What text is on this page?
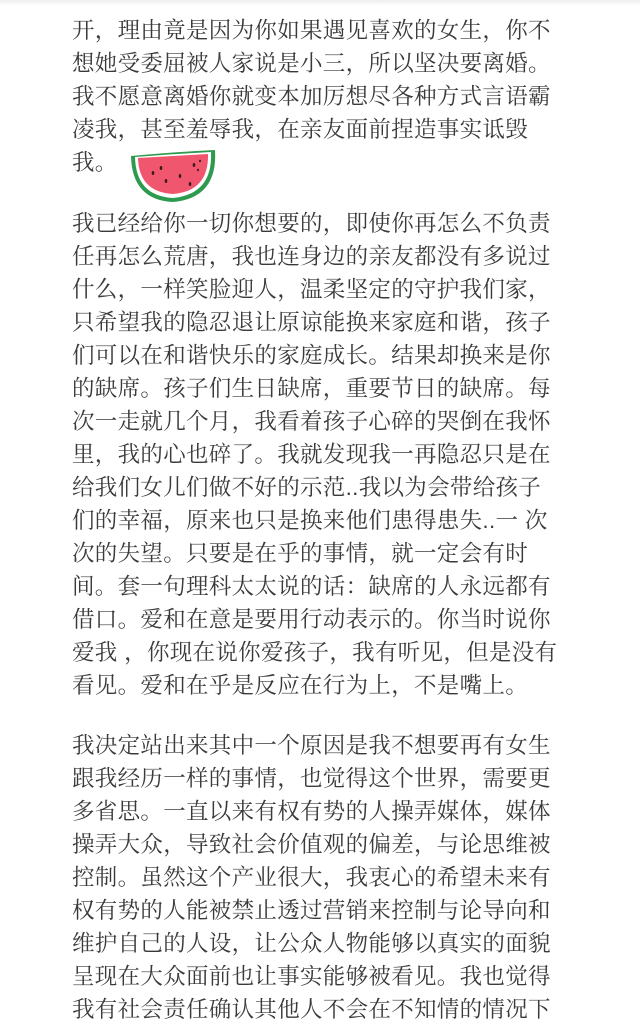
开，理由竟是因为你如果遇见喜欢的女生，你不
想她受委屈被人家说是小三，所以坚决要离婚。
我不愿意离婚你就变本加厉想尽各种方式言语霸
凌我，甚至羞辱我，在亲友面前捏造事实诋毁
我。
我已经给你一切你想要的，即使你再怎么不负责
任再怎么荒唐，我也连身边的亲友都没有多说过
什么，一样笑脸迎人，温柔坚定的守护我们家，
只希望我的隐忍退让原谅能换来家庭和谐，孩子
们可以在和谐快乐的家庭成长。结果却换来是你
的缺席。孩子们生日缺席，重要节日的缺席。每
次一走就几个月，我看着孩子心碎的哭倒在我怀
里，我的心也碎了。我就发现我一再隐忍只是在
给我们女儿们做不好的示范..我以为会带给孩子
们的幸福，原来也只是换来他们患得患失..一 次
次的失望。只要是在乎的事情，就一定会有时
间。套一句理科太太说的话：缺席的人永远都有
借口。爱和在意是要用行动表示的。你当时说你
爱我 ，你现在说你爱孩子，我有听见，但是没有
看见。爱和在乎是反应在行为上，不是嘴上。
我决定站出来其中一个原因是我不想要再有女生
跟我经历一样的事情，也觉得这个世界，需要更
多省思。一直以来有权有势的人操弄媒体，媒体
操弄大众，导致社会价值观的偏差，与论思维被
控制。虽然这个产业很大，我衷心的希望未来有
权有势的人能被禁止透过营销来控制与论导向和
维护自己的人设，让公众人物能够以真实的面貌
呈现在大众面前也让事实能够被看见。我也觉得
我有社会责任确认其他人不会在不知情的情况下
